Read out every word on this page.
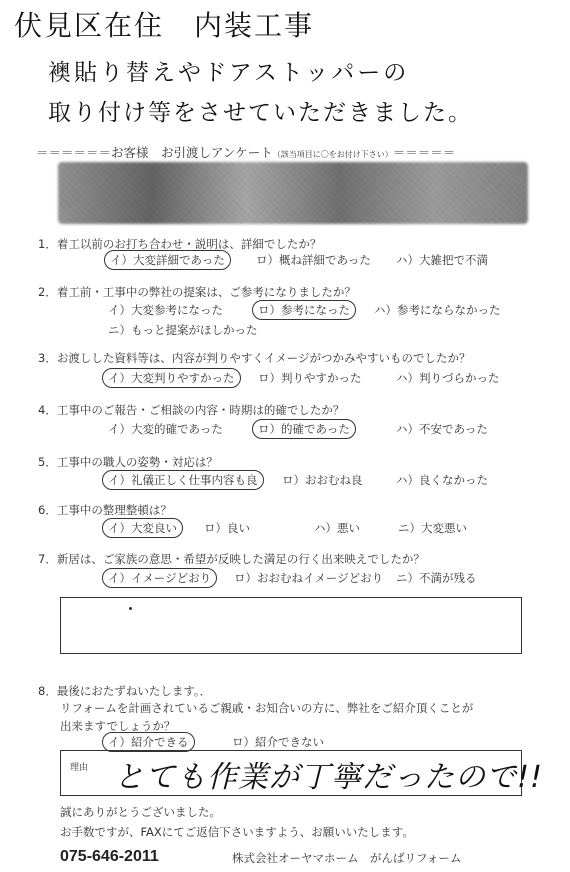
伏見区在住　内装工事
襖貼り替えやドアストッパーの
取り付け等をさせていただきました。
＝＝＝＝＝＝お客様　お引渡しアンケート（該当項目に〇をお付け下さい）＝＝＝＝＝
1．着工以前のお打ち合わせ・説明は、詳細でしたか？
イ）大変詳細であった	ロ）概ね詳細であった ハ）大雑把で不満
2．着工前・工事中の弊社の提案は、ご参考になりましたか？
イ）大変参考になった	ロ）参考になった	ハ）参考にならなかった
ニ）もっと提案がほしかった
3．お渡しした資料等は、内容が判りやすくイメージがつかみやすいものでしたか？
イ）大変判りやすかった	ロ）判りやすかった	ハ）判りづらかった
4．工事中のご報告・ご相談の内容・時期は的確でしたか？
イ）大変的確であった	ロ）的確であった	ハ）不安であった
5．工事中の職人の姿勢・対応は？
イ）礼儀正しく仕事内容も良	ロ）おおむね良	ハ）良くなかった
6．工事中の整理整頓は？
イ）大変良い	ロ）良い	ハ）悪い	ニ）大変悪い
7．新居は、ご家族の意思・希望が反映した満足の行く出来映えでしたか？
イ）イメージどおり	ロ）おおむねイメージどおり ニ）不満が残る
8．最後におたずねいたします。．
リフォームを計画されているご親戚・お知合いの方に、弊社をご紹介頂くことが
出来ますでしょうか？
イ）紹介できる	ロ）紹介できない
理由 とても作業が丁寧だったので!!
誠にありがとうございました。
お手数ですが、FAXにてご返信下さいますよう、お願いいたします。
075-646-2011	株式会社オーヤマホーム　がんばリフォーム
